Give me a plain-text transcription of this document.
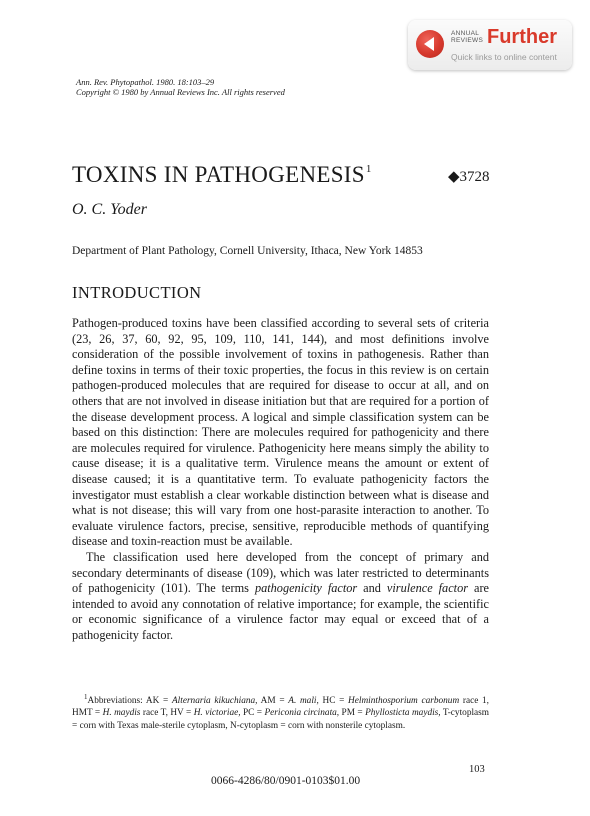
ANNUAL
REVIEWS Further
Quick links to online content
Ann. Rev. Phytopathol. 1980. 18:103–29
Copyright © 1980 by Annual Reviews Inc. All rights reserved
TOXINS IN PATHOGENESIS$^1$	◆3728
O. C. Yoder
Department of Plant Pathology, Cornell University, Ithaca, New York 14853
INTRODUCTION

Pathogen-produced toxins have been classified according to several sets of criteria (23, 26, 37, 60, 92, 95, 109, 110, 141, 144), and most definitions involve consideration of the possible involvement of toxins in pathogenesis. Rather than define toxins in terms of their toxic properties, the focus in this review is on certain pathogen-produced molecules that are required for disease to occur at all, and on others that are not involved in disease initiation but that are required for a portion of the disease development process. A logical and simple classification system can be based on this distinction: There are molecules required for pathogenicity and there are molecules required for virulence. Pathogenicity here means simply the ability to cause disease; it is a qualitative term. Virulence means the amount or extent of disease caused; it is a quantitative term. To evaluate pathogenicity factors the investigator must establish a clear workable distinction between what is disease and what is not disease; this will vary from one host-parasite interaction to another. To evaluate virulence factors, precise, sensitive, reproducible methods of quantifying disease and toxin-reaction must be available.

The classification used here developed from the concept of primary and secondary determinants of disease (109), which was later restricted to determinants of pathogenicity (101). The terms pathogenicity factor and virulence factor are intended to avoid any connotation of relative importance; for example, the scientific or economic significance of a virulence factor may equal or exceed that of a pathogenicity factor.

$^1$Abbreviations: AK = Alternaria kikuchiana, AM = A. mali, HC = Helminthosporium carbonum race 1, HMT = H. maydis race T, HV = H. victoriae, PC = Periconia circinata, PM = Phyllosticta maydis, T-cytoplasm = corn with Texas male-sterile cytoplasm, N-cytoplasm = corn with nonsterile cytoplasm.
103
0066-4286/80/0901-0103$01.00
